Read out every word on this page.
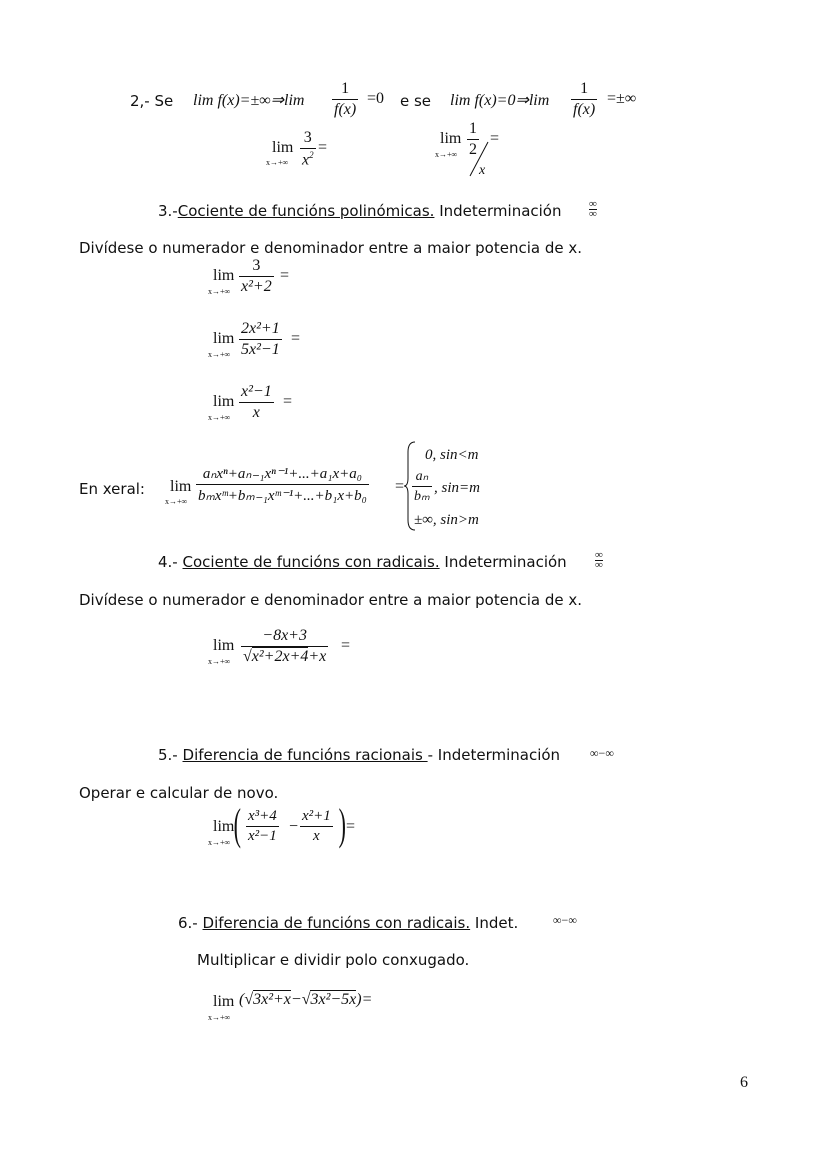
2,- Se lim f(x)=±∞⇒lim $\frac{1}{f(x)} =0$ e se lim f(x)=0⇒lim $\frac{1}{f(x)}$ =±∞
lim
$x\to+\infty \frac{3}{x^2}$ =
lim
$x\to+\infty \frac{1}{2}$ =
x
3.-Cociente de funcións polinómicas. Indeterminación	∞
∞
Divídese o numerador e denominador entre a maior potencia de x.
lim
$x\to+\infty \frac{3}{\text{x²+2}}$ =
lim
$x\to+\infty \frac{\text{2x²+1}}{\text{5x²−1}}$ =
lim
$x\to+\infty \frac{\text{x²−1}}{x}$ =
En xeral: lim
x→+∞
aₙxⁿ+aₙ₋₁xⁿ⁻¹+...+a₁x+a₀
bₘxᵐ+bₘ₋₁xᵐ⁻¹+...+b₁x+b₀
=
0, sin<m
$\frac{\text{aₙ}}{\text{bₘ}}$ , sin=m
±∞, sin>m
4.- Cociente de funcións con radicais. Indeterminación	∞
∞
Divídese o numerador e denominador entre a maior potencia de x.
lim
$x\to+\infty \frac{-8x+3}{\text{√x²+2x+4+x}}$ =
5.- Diferencia de funcións racionais - Indeterminación ∞−∞
Operar e calcular de novo.
lim
x→+∞ ( $\frac{\text{x³+4}}{\text{x²−1}} - \frac{\text{x²+1}}{x}$ ) =
6.- Diferencia de funcións con radicais. Indet.	∞−∞
Multiplicar e dividir polo conxugado.
lim
x→+∞
(√3x²+x−√3x²−5x)=
6
